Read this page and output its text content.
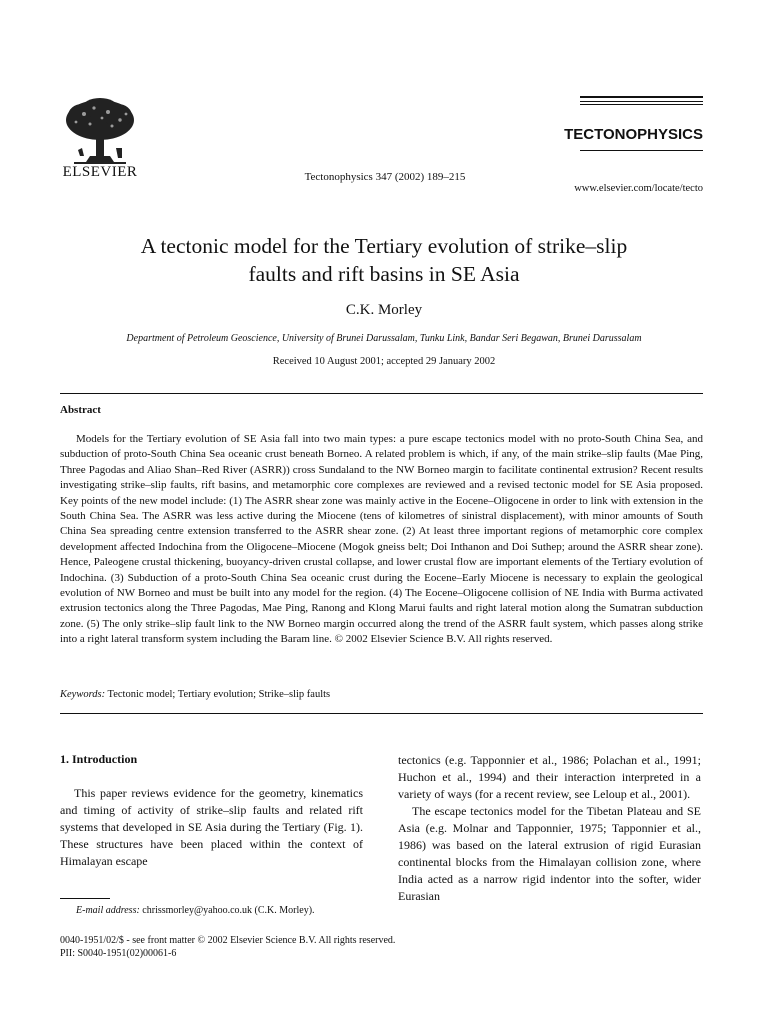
ELSEVIER	Tectonophysics 347 (2002) 189–215
TECTONOPHYSICS
www.elsevier.com/locate/tecto
A tectonic model for the Tertiary evolution of strike–slip
faults and rift basins in SE Asia
C.K. Morley
Department of Petroleum Geoscience, University of Brunei Darussalam, Tunku Link, Bandar Seri Begawan, Brunei Darussalam
Received 10 August 2001; accepted 29 January 2002
Abstract

Models for the Tertiary evolution of SE Asia fall into two main types: a pure escape tectonics model with no proto-South China Sea, and subduction of proto-South China Sea oceanic crust beneath Borneo. A related problem is which, if any, of the main strike–slip faults (Mae Ping, Three Pagodas and Aliao Shan–Red River (ASRR)) cross Sundaland to the NW Borneo margin to facilitate continental extrusion? Recent results investigating strike–slip faults, rift basins, and metamorphic core complexes are reviewed and a revised tectonic model for SE Asia proposed. Key points of the new model include: (1) The ASRR shear zone was mainly active in the Eocene–Oligocene in order to link with extension in the South China Sea. The ASRR was less active during the Miocene (tens of kilometres of sinistral displacement), with minor amounts of South China Sea spreading centre extension transferred to the ASRR shear zone. (2) At least three important regions of metamorphic core complex development affected Indochina from the Oligocene–Miocene (Mogok gneiss belt; Doi Inthanon and Doi Suthep; around the ASRR shear zone). Hence, Paleogene crustal thickening, buoyancy-driven crustal collapse, and lower crustal flow are important elements of the Tertiary evolution of Indochina. (3) Subduction of a proto-South China Sea oceanic crust during the Eocene–Early Miocene is necessary to explain the geological evolution of NW Borneo and must be built into any model for the region. (4) The Eocene–Oligocene collision of NE India with Burma activated extrusion tectonics along the Three Pagodas, Mae Ping, Ranong and Klong Marui faults and right lateral motion along the Sumatran subduction zone. (5) The only strike–slip fault link to the NW Borneo margin occurred along the trend of the ASRR fault system, which passes along strike into a right lateral transform system including the Baram line. © 2002 Elsevier Science B.V. All rights reserved.

Keywords: Tectonic model; Tertiary evolution; Strike–slip faults
1. Introduction

This paper reviews evidence for the geometry, kinematics and timing of activity of strike–slip faults and related rift systems that developed in SE Asia during the Tertiary (Fig. 1). These structures have been placed within the context of Himalayan escape

tectonics (e.g. Tapponnier et al., 1986; Polachan et al., 1991; Huchon et al., 1994) and their interaction interpreted in a variety of ways (for a recent review, see Leloup et al., 2001).

The escape tectonics model for the Tibetan Plateau and SE Asia (e.g. Molnar and Tapponnier, 1975; Tapponnier et al., 1986) was based on the lateral extrusion of rigid Eurasian continental blocks from the Himalayan collision zone, where India acted as a narrow rigid indentor into the softer, wider Eurasian

E-mail address: chrissmorley@yahoo.co.uk (C.K. Morley).
0040-1951/02/$ - see front matter © 2002 Elsevier Science B.V. All rights reserved.
PII: S0040-1951(02)00061-6
